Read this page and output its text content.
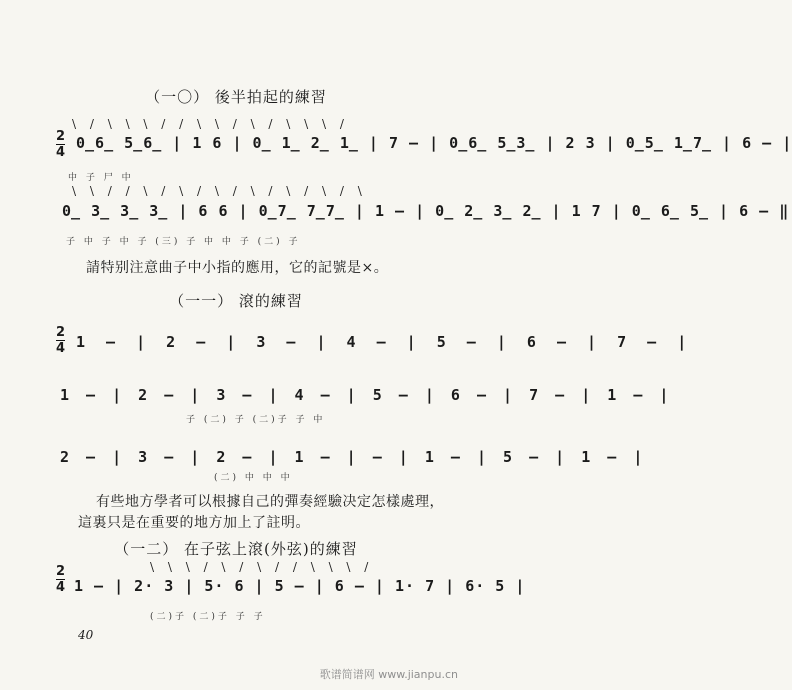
（一〇） 後半拍起的練習
2
4
\ / \ \ \ / / \ \ / \ / \ \ \ /
0̲6̲ 5̲6̲ | 1 6 | 0̲ 1̲ 2̲ 1̲ | 7 – | 0̲6̲ 5̲3̲ | 2 3 | 0̲5̲ 1̲7̲ | 6 – |
中 子 尸 中
\ \ / / \ / \ / \ / \ / \ / \ / \
0̲ 3̲ 3̲ 3̲ | 6 6 | 0̲7̲ 7̲7̲ | 1 – | 0̲ 2̲ 3̲ 2̲ | 1 7 | 0̲ 6̲ 5̲ | 6 – ‖
子 中 子 中 子 (三) 子 中 中 子 (二) 子
請特别注意曲子中小指的應用，它的記號是×。
（一一） 滾的練習
2
4 1 – | 2 – | 3 – | 4 – | 5 – | 6 – | 7 – |
1 – | 2 – | 3 – | 4 – | 5 – | 6 – | 7 – | 1 – |
子 (二) 子 (二)子 子 中
2 – | 3 – | 2 – | 1 – | – | 1 – | 5 – | 1 – |
(二) 中 中 中
有些地方學者可以根據自己的彈奏經驗决定怎樣處理，
這裏只是在重要的地方加上了註明。
（一二） 在子弦上滾(外弦)的練習
2
4
\ \ \ / \ / \ / / \ \ \ /
1 – | 2· 3 | 5· 6 | 5 – | 6 – | 1· 7 | 6· 5 |
(二)子 (二)子 子 子
40
歌谱简谱网 www.jianpu.cn
